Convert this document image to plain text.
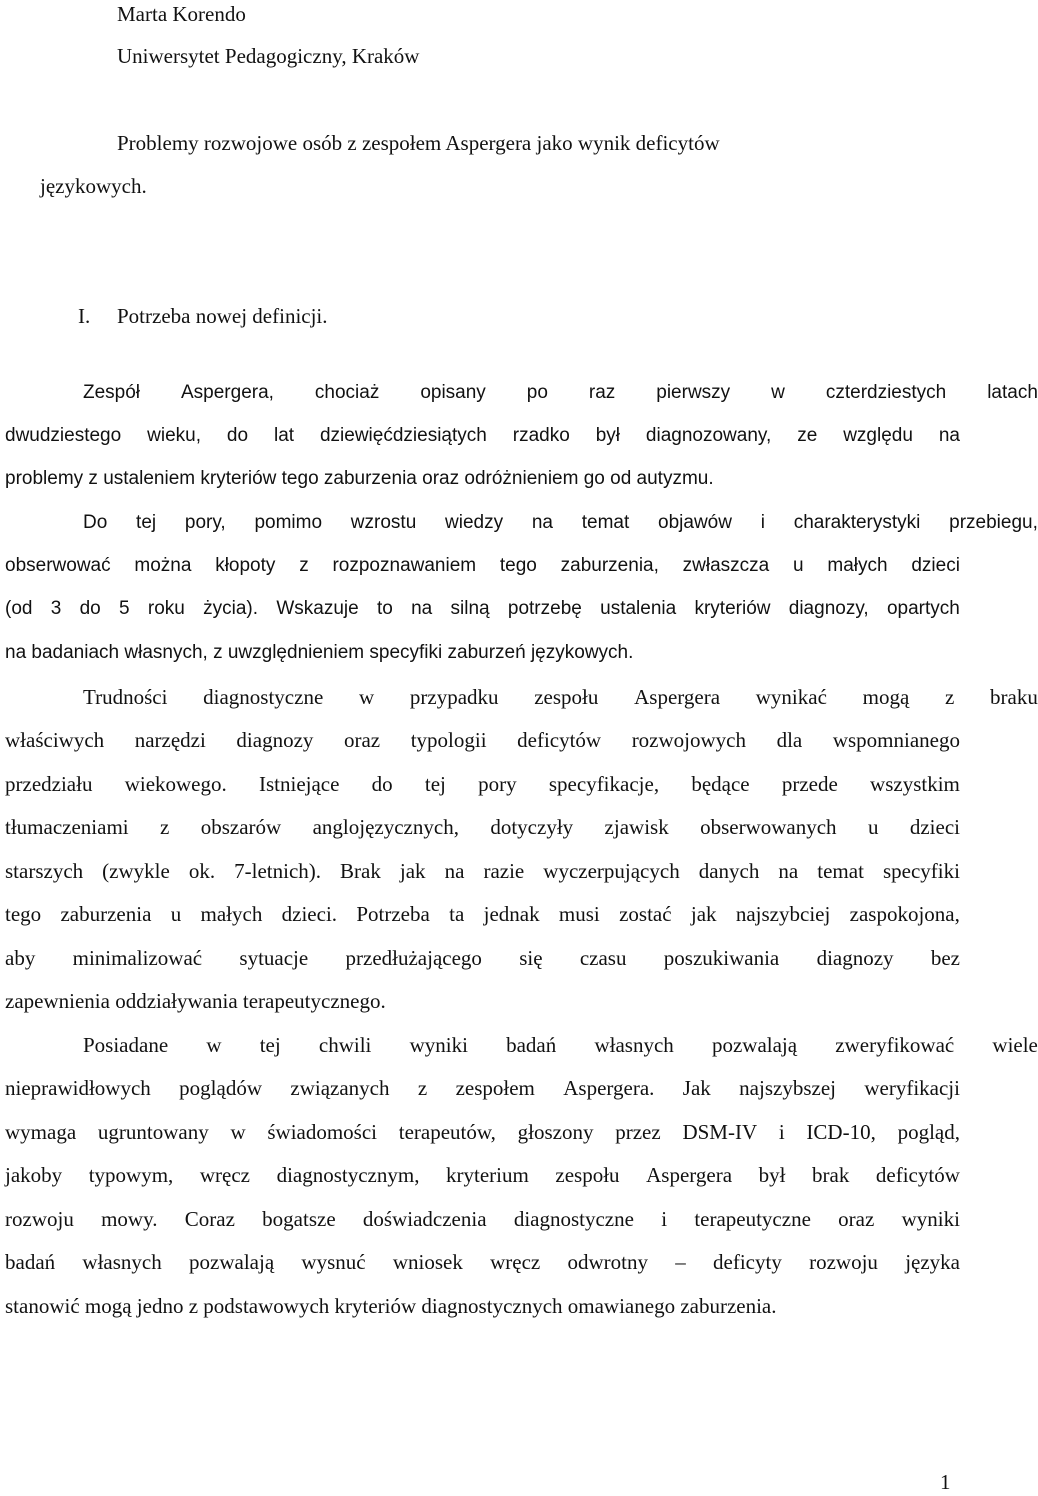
Marta Korendo
Uniwersytet Pedagogiczny, Kraków
Problemy rozwojowe osób z zespołem Aspergera jako wynik deficytów
językowych.
I. Potrzeba nowej definicji.
Zespół Aspergera, chociaż opisany po raz pierwszy w czterdziestych latach
dwudziestego wieku, do lat dziewięćdziesiątych rzadko był diagnozowany, ze względu na
problemy z ustaleniem kryteriów tego zaburzenia oraz odróżnieniem go od autyzmu.
Do tej pory, pomimo wzrostu wiedzy na temat objawów i charakterystyki przebiegu,
obserwować można kłopoty z rozpoznawaniem tego zaburzenia, zwłaszcza u małych dzieci
(od 3 do 5 roku życia). Wskazuje to na silną potrzebę ustalenia kryteriów diagnozy, opartych
na badaniach własnych, z uwzględnieniem specyfiki zaburzeń językowych.
Trudności diagnostyczne w przypadku zespołu Aspergera wynikać mogą z braku
właściwych narzędzi diagnozy oraz typologii deficytów rozwojowych dla wspomnianego
przedziału wiekowego. Istniejące do tej pory specyfikacje, będące przede wszystkim
tłumaczeniami z obszarów anglojęzycznych, dotyczyły zjawisk obserwowanych u dzieci
starszych (zwykle ok. 7-letnich). Brak jak na razie wyczerpujących danych na temat specyfiki
tego zaburzenia u małych dzieci. Potrzeba ta jednak musi zostać jak najszybciej zaspokojona,
aby minimalizować sytuacje przedłużającego się czasu poszukiwania diagnozy bez
zapewnienia oddziaływania terapeutycznego.
Posiadane w tej chwili wyniki badań własnych pozwalają zweryfikować wiele
nieprawidłowych poglądów związanych z zespołem Aspergera. Jak najszybszej weryfikacji
wymaga ugruntowany w świadomości terapeutów, głoszony przez DSM-IV i ICD-10, pogląd,
jakoby typowym, wręcz diagnostycznym, kryterium zespołu Aspergera był brak deficytów
rozwoju mowy. Coraz bogatsze doświadczenia diagnostyczne i terapeutyczne oraz wyniki
badań własnych pozwalają wysnuć wniosek wręcz odwrotny – deficyty rozwoju języka
stanowić mogą jedno z podstawowych kryteriów diagnostycznych omawianego zaburzenia.
1
